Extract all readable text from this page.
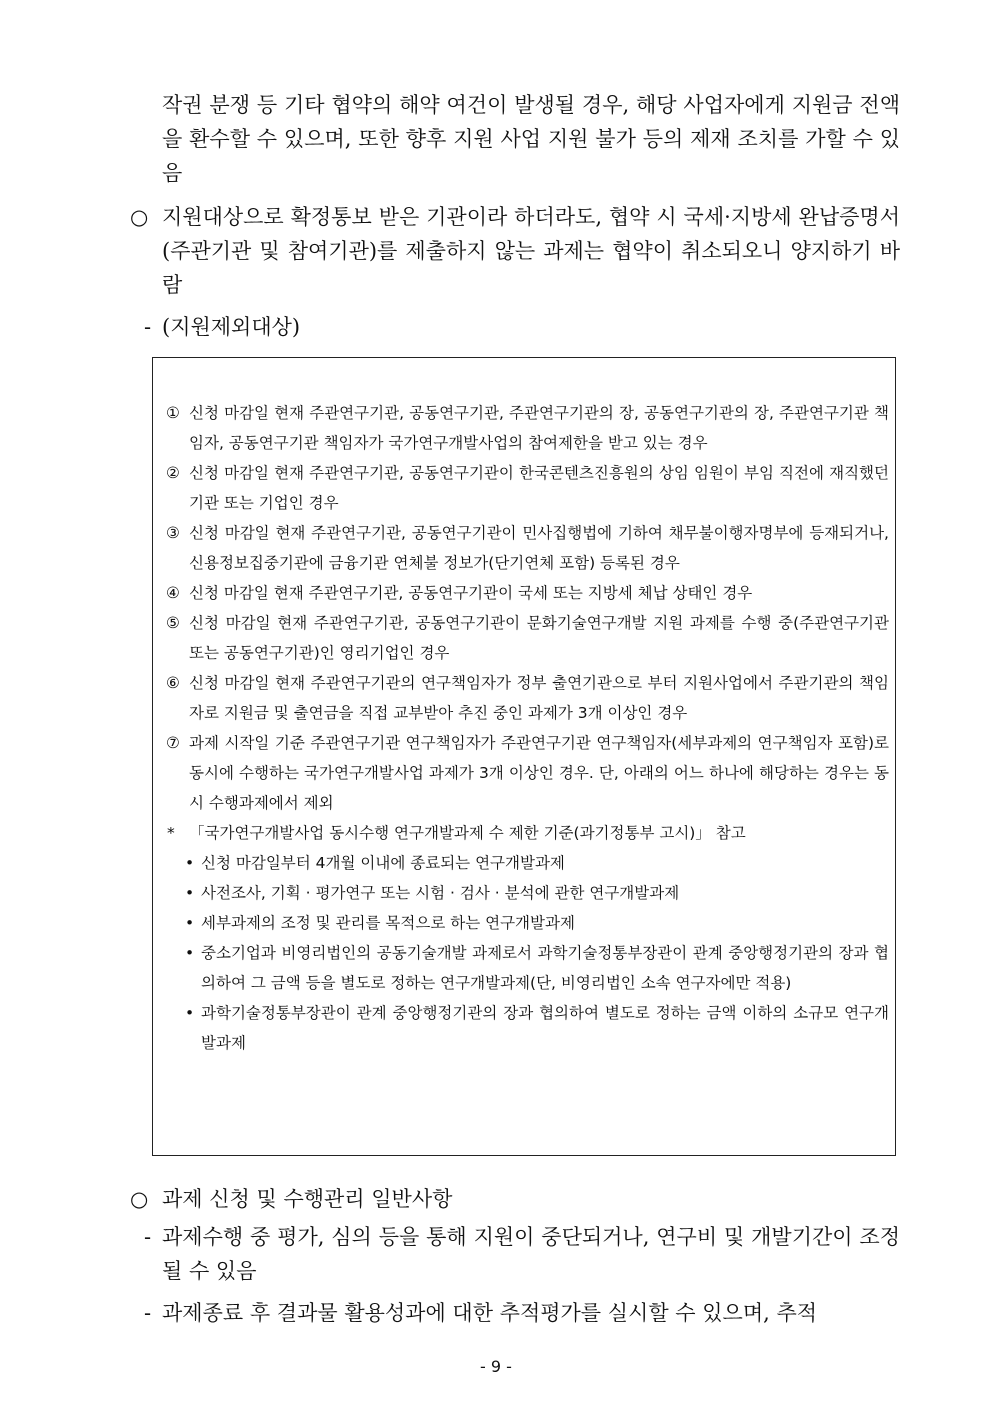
작권 분쟁 등 기타 협약의 해약 여건이 발생될 경우, 해당 사업자에게 지원금 전액을 환수할 수 있으며, 또한 향후 지원 사업 지원 불가 등의 제재 조치를 가할 수 있음
○ 지원대상으로 확정통보 받은 기관이라 하더라도, 협약 시 국세·지방세 완납증명서 (주관기관 및 참여기관)를 제출하지 않는 과제는 협약이 취소되오니 양지하기 바람
- (지원제외대상)
① 신청 마감일 현재 주관연구기관, 공동연구기관, 주관연구기관의 장, 공동연구기관의 장, 주관연구기관 책임자, 공동연구기관 책임자가 국가연구개발사업의 참여제한을 받고 있는 경우
② 신청 마감일 현재 주관연구기관, 공동연구기관이 한국콘텐츠진흥원의 상임 임원이 부임 직전에 재직했던 기관 또는 기업인 경우
③ 신청 마감일 현재 주관연구기관, 공동연구기관이 민사집행법에 기하여 채무불이행자명부에 등재되거나, 신용정보집중기관에 금융기관 연체불 정보가(단기연체 포함) 등록된 경우
④ 신청 마감일 현재 주관연구기관, 공동연구기관이 국세 또는 지방세 체납 상태인 경우
⑤ 신청 마감일 현재 주관연구기관, 공동연구기관이 문화기술연구개발 지원 과제를 수행 중(주관연구기관 또는 공동연구기관)인 영리기업인 경우
⑥ 신청 마감일 현재 주관연구기관의 연구책임자가 정부 출연기관으로 부터 지원사업에서 주관기관의 책임자로 지원금 및 출연금을 직접 교부받아 추진 중인 과제가 3개 이상인 경우
⑦ 과제 시작일 기준 주관연구기관 연구책임자가 주관연구기관 연구책임자(세부과제의 연구책임자 포함)로 동시에 수행하는 국가연구개발사업 과제가 3개 이상인 경우. 단, 아래의 어느 하나에 해당하는 경우는 동시 수행과제에서 제외
* 「국가연구개발사업 동시수행 연구개발과제 수 제한 기준(과기정통부 고시)」 참고
• 신청 마감일부터 4개월 이내에 종료되는 연구개발과제
• 사전조사, 기획 · 평가연구 또는 시험 · 검사 · 분석에 관한 연구개발과제
• 세부과제의 조정 및 관리를 목적으로 하는 연구개발과제
• 중소기업과 비영리법인의 공동기술개발 과제로서 과학기술정통부장관이 관계 중앙행정기관의 장과 협의하여 그 금액 등을 별도로 정하는 연구개발과제(단, 비영리법인 소속 연구자에만 적용)
• 과학기술정통부장관이 관계 중앙행정기관의 장과 협의하여 별도로 정하는 금액 이하의 소규모 연구개발과제
○ 과제 신청 및 수행관리 일반사항
- 과제수행 중 평가, 심의 등을 통해 지원이 중단되거나, 연구비 및 개발기간이 조정될 수 있음
- 과제종료 후 결과물 활용성과에 대한 추적평가를 실시할 수 있으며, 추적
- 9 -
